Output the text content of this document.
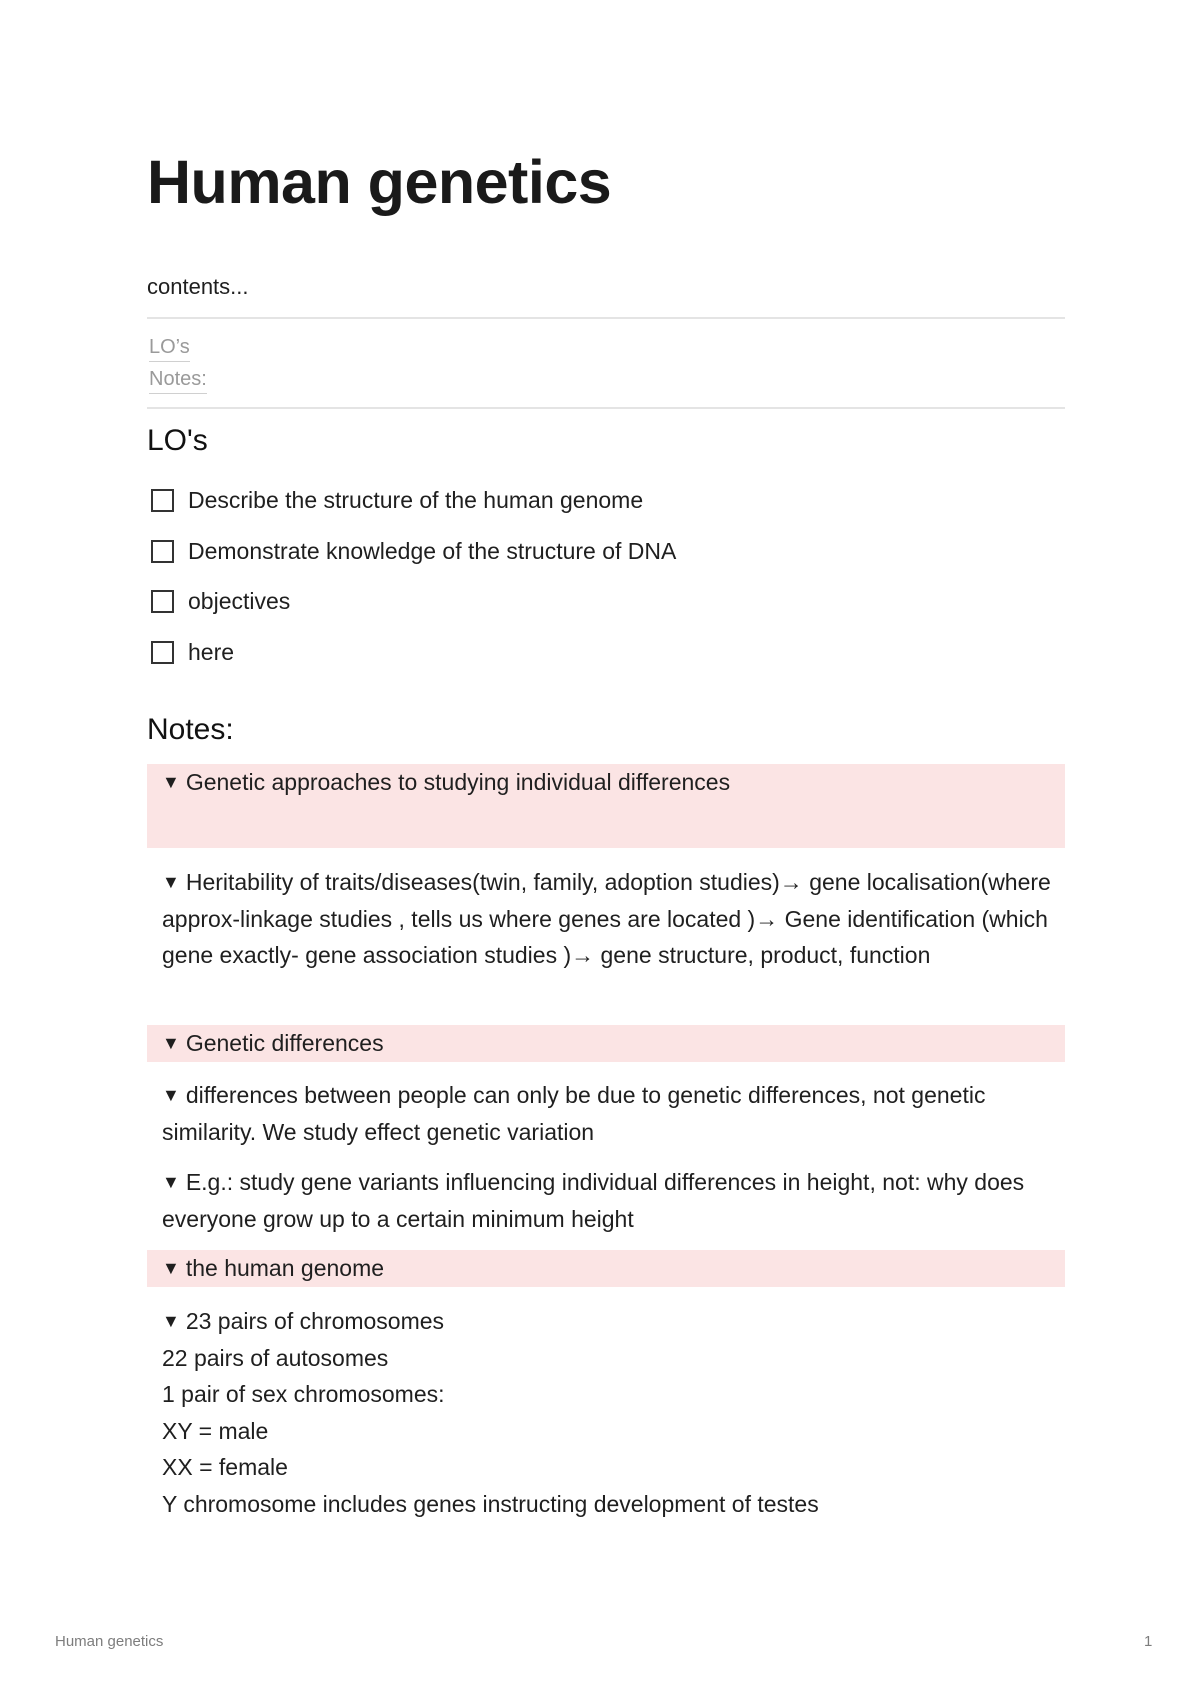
Human genetics
contents...
LO’s
Notes:
LO's
Describe the structure of the human genome
Demonstrate knowledge of the structure of DNA
objectives
here
Notes:
▼ Genetic approaches to studying individual differences
▼ Heritability of traits/diseases(twin, family, adoption studies)→ gene localisation(where approx-linkage studies , tells us where genes are located )→ Gene identification (which gene exactly- gene association studies )→ gene structure, product, function
▼ Genetic differences
▼ differences between people can only be due to genetic differences, not genetic similarity. We study effect genetic variation
▼ E.g.: study gene variants influencing individual differences in height, not: why does everyone grow up to a certain minimum height
▼ the human genome
▼ 23 pairs of chromosomes
22 pairs of autosomes
1 pair of sex chromosomes:
XY = male
XX = female
Y chromosome includes genes instructing development of testes
Human genetics	1
